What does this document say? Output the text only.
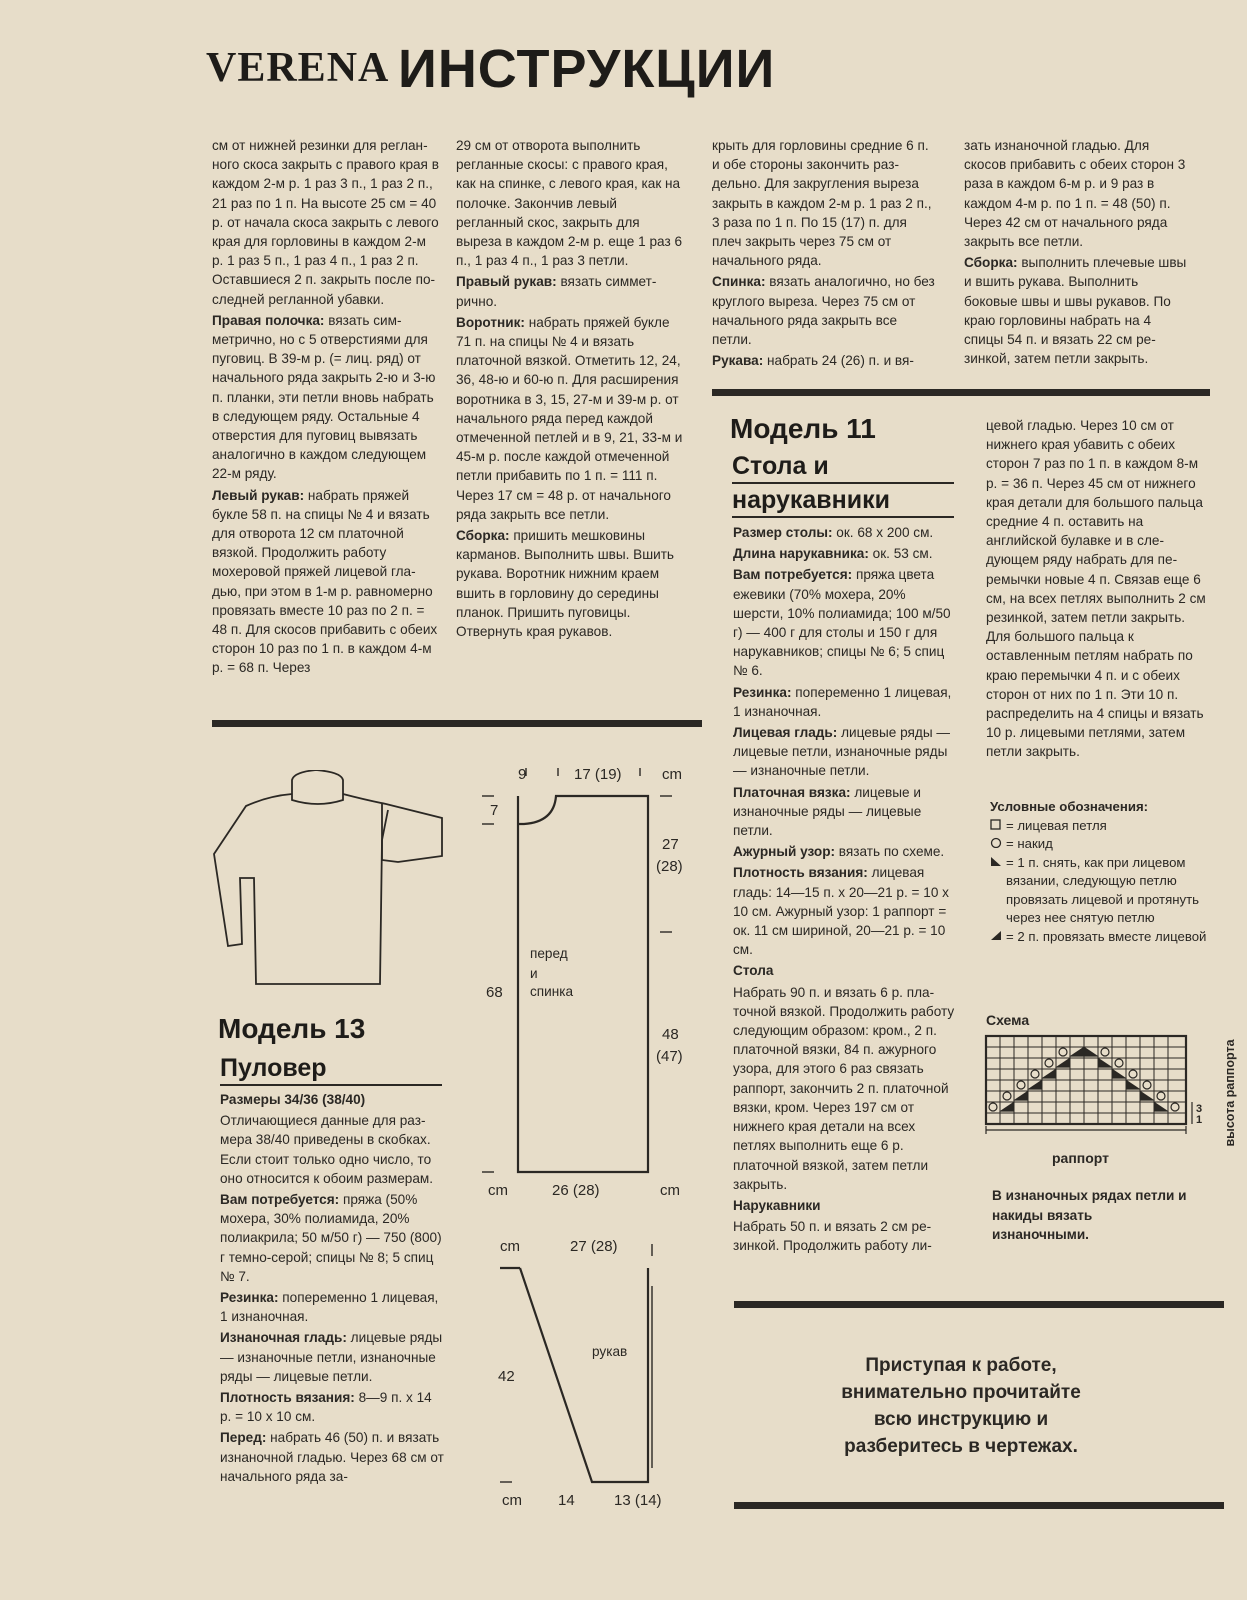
VERENA ИНСТРУКЦИИ

см от нижней резинки для регланного скоса закрыть с правого края в каждом 2-м р. 1 раз 3 п., 1 раз 2 п., 21 раз по 1 п. На высоте 25 см = 40 р. от начала скоса закрыть с левого края для горловины в каждом 2-м р. 1 раз 5 п., 1 раз 4 п., 1 раз 2 п. Оставшиеся 2 п. закрыть после последней регланной убавки.

Правая полочка: вязать симметрично, но с 5 отверстиями для пуговиц. В 39-м р. (= лиц. ряд) от начального ряда закрыть 2-ю и 3-ю п. планки, эти петли вновь набрать в следующем ряду. Остальные 4 отверстия для пуговиц вывязать аналогично в каждом следующем 22-м ряду.

Левый рукав: набрать пряжей букле 58 п. на спицы № 4 и вязать для отворота 12 см платочной вязкой. Продолжить работу мохеровой пряжей лицевой гладью, при этом в 1-м р. равномерно провязать вместе 10 раз по 2 п. = 48 п. Для скосов прибавить с обеих сторон 10 раз по 1 п. в каждом 4-м р. = 68 п. Через

29 см от отворота выполнить регланные скосы: с правого края, как на спинке, с левого края, как на полочке. Закончив левый регланный скос, закрыть для выреза в каждом 2-м р. еще 1 раз 6 п., 1 раз 4 п., 1 раз 3 петли.

Правый рукав: вязать симметрично.

Воротник: набрать пряжей букле 71 п. на спицы № 4 и вязать платочной вязкой. Отметить 12, 24, 36, 48-ю и 60-ю п. Для расширения воротника в 3, 15, 27-м и 39-м р. от начального ряда перед каждой отмеченной петлей и в 9, 21, 33-м и 45-м р. после каждой отмеченной петли прибавить по 1 п. = 111 п. Через 17 см = 48 р. от начального ряда закрыть все петли.

Сборка: пришить мешковины карманов. Выполнить швы. Вшить рукава. Воротник нижним краем вшить в горловину до середины планок. Пришить пуговицы. Отвернуть края рукавов.

крыть для горловины средние 6 п. и обе стороны закончить раздельно. Для закругления выреза закрыть в каждом 2-м р. 1 раз 2 п., 3 раза по 1 п. По 15 (17) п. для плеч закрыть через 75 см от начального ряда.

Спинка: вязать аналогично, но без круглого выреза. Через 75 см от начального ряда закрыть все петли.

Рукава: набрать 24 (26) п. и вя-

зать изнаночной гладью. Для скосов прибавить с обеих сторон 3 раза в каждом 6-м р. и 9 раз в каждом 4-м р. по 1 п. = 48 (50) п. Через 42 см от начального ряда закрыть все петли.

Сборка: выполнить плечевые швы и вшить рукава. Выполнить боковые швы и швы рукавов. По краю горловины набрать на 4 спицы 54 п. и вязать 22 см резинкой, затем петли закрыть.

Модель 11
Стола и
нарукавники

Размер столы: ок. 68 x 200 см.

Длина нарукавника: ок. 53 см.

Вам потребуется: пряжа цвета ежевики (70% мохера, 20% шерсти, 10% полиамида; 100 м/50 г) — 400 г для столы и 150 г для нарукавников; спицы № 6; 5 спиц № 6.

Резинка: попеременно 1 лицевая, 1 изнаночная.

Лицевая гладь: лицевые ряды — лицевые петли, изнаночные ряды — изнаночные петли.

Платочная вязка: лицевые и изнаночные ряды — лицевые петли.

Ажурный узор: вязать по схеме.

Плотность вязания: лицевая гладь: 14—15 п. x 20—21 р. = 10 x 10 см. Ажурный узор: 1 раппорт = ок. 11 см шириной, 20—21 р. = 10 см.

Стола

Набрать 90 п. и вязать 6 р. платочной вязкой. Продолжить работу следующим образом: кром., 2 п. платочной вязки, 84 п. ажурного узора, для этого 6 раз связать раппорт, закончить 2 п. платочной вязки, кром. Через 197 см от нижнего края детали на всех петлях выполнить еще 6 р. платочной вязкой, затем петли закрыть.

Нарукавники

Набрать 50 п. и вязать 2 см резинкой. Продолжить работу ли-

цевой гладью. Через 10 см от нижнего края убавить с обеих сторон 7 раз по 1 п. в каждом 8-м р. = 36 п. Через 45 см от нижнего края детали для большого пальца средние 4 п. оставить на английской булавке и в следующем ряду набрать для перемычки новые 4 п. Связав еще 6 см, на всех петлях выполнить 2 см резинкой, затем петли закрыть. Для большого пальца к оставленным петлям набрать по краю перемычки 4 п. и с обеих сторон от них по 1 п. Эти 10 п. распределить на 4 спицы и вязать 10 р. лицевыми петлями, затем петли закрыть.

Условные обозначения:

= лицевая петля
= накид
= 1 п. снять, как при лицевом вязании, следующую петлю провязать лицевой и протянуть через нее снятую петлю
= 2 п. провязать вместе лицевой
Схема
3
1
раппорт
высота раппорта
В изнаночных рядах петли и накиды вязать изнаночными.
Модель 13
Пуловер

Размеры 34/36 (38/40)

Отличающиеся данные для размера 38/40 приведены в скобках. Если стоит только одно число, то оно относится к обоим размерам.

Вам потребуется: пряжа (50% мохера, 30% полиамида, 20% полиакрила; 50 м/50 г) — 750 (800) г темно-серой; спицы № 8; 5 спиц № 7.

Резинка: попеременно 1 лицевая, 1 изнаночная.

Изнаночная гладь: лицевые ряды — изнаночные петли, изнаночные ряды — лицевые петли.

Плотность вязания: 8—9 п. x 14 р. = 10 x 10 см.

Перед: набрать 46 (50) п. и вязать изнаночной гладью. Через 68 см от начального ряда за-

9	17 (19)	cm
7
27
(28)
перед
и
спинка
68
48
(47)
cm	26 (28)	cm
cm	27 (28)
рукав
42
cm 14	13 (14)
Приступая к работе, внимательно прочитайте всю инструкцию и разберитесь в чертежах.
